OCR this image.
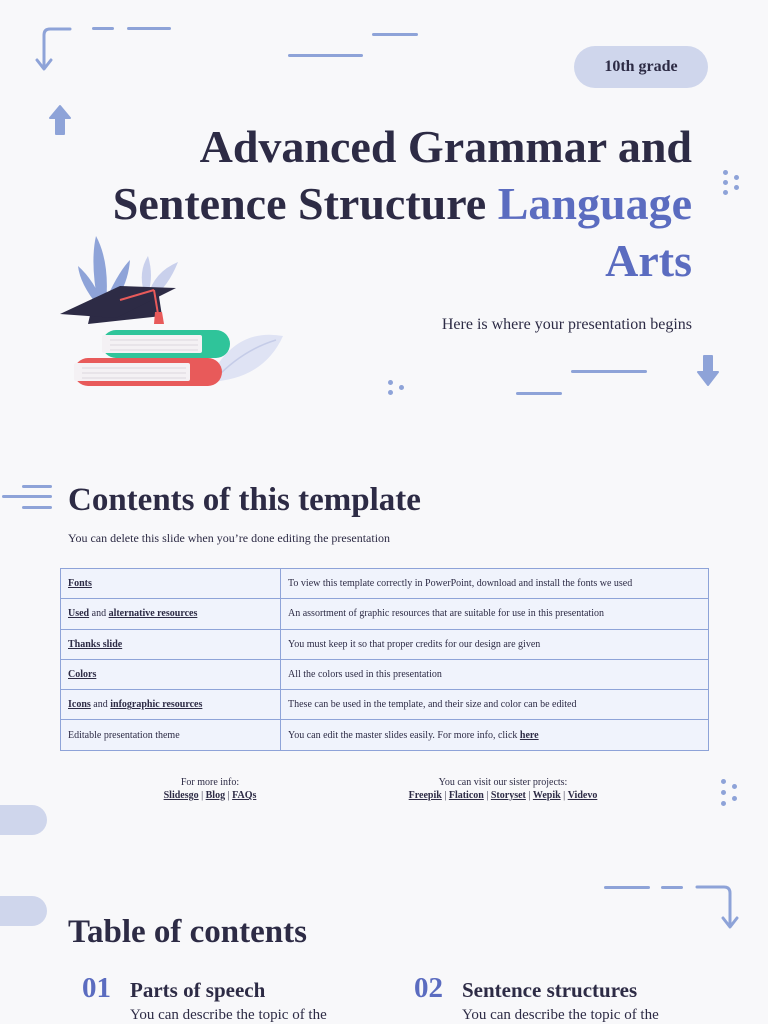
10th grade
Advanced Grammar and
Sentence Structure Language
Arts
Here is where your presentation begins
Contents of this template
You can delete this slide when you’re done editing the presentation
Fonts	To view this template correctly in PowerPoint, download and install the fonts we used
Used and alternative resources	An assortment of graphic resources that are suitable for use in this presentation
Thanks slide	You must keep it so that proper credits for our design are given
Colors	All the colors used in this presentation
Icons and infographic resources	These can be used in the template, and their size and color can be edited
Editable presentation theme	You can edit the master slides easily. For more info, click here
For more info:
Slidesgo | Blog | FAQs
You can visit our sister projects:
Freepik | Flaticon | Storyset | Wepik | Videvo
Table of contents
01 Parts of speech
You can describe the topic of the
02 Sentence structures
You can describe the topic of the
